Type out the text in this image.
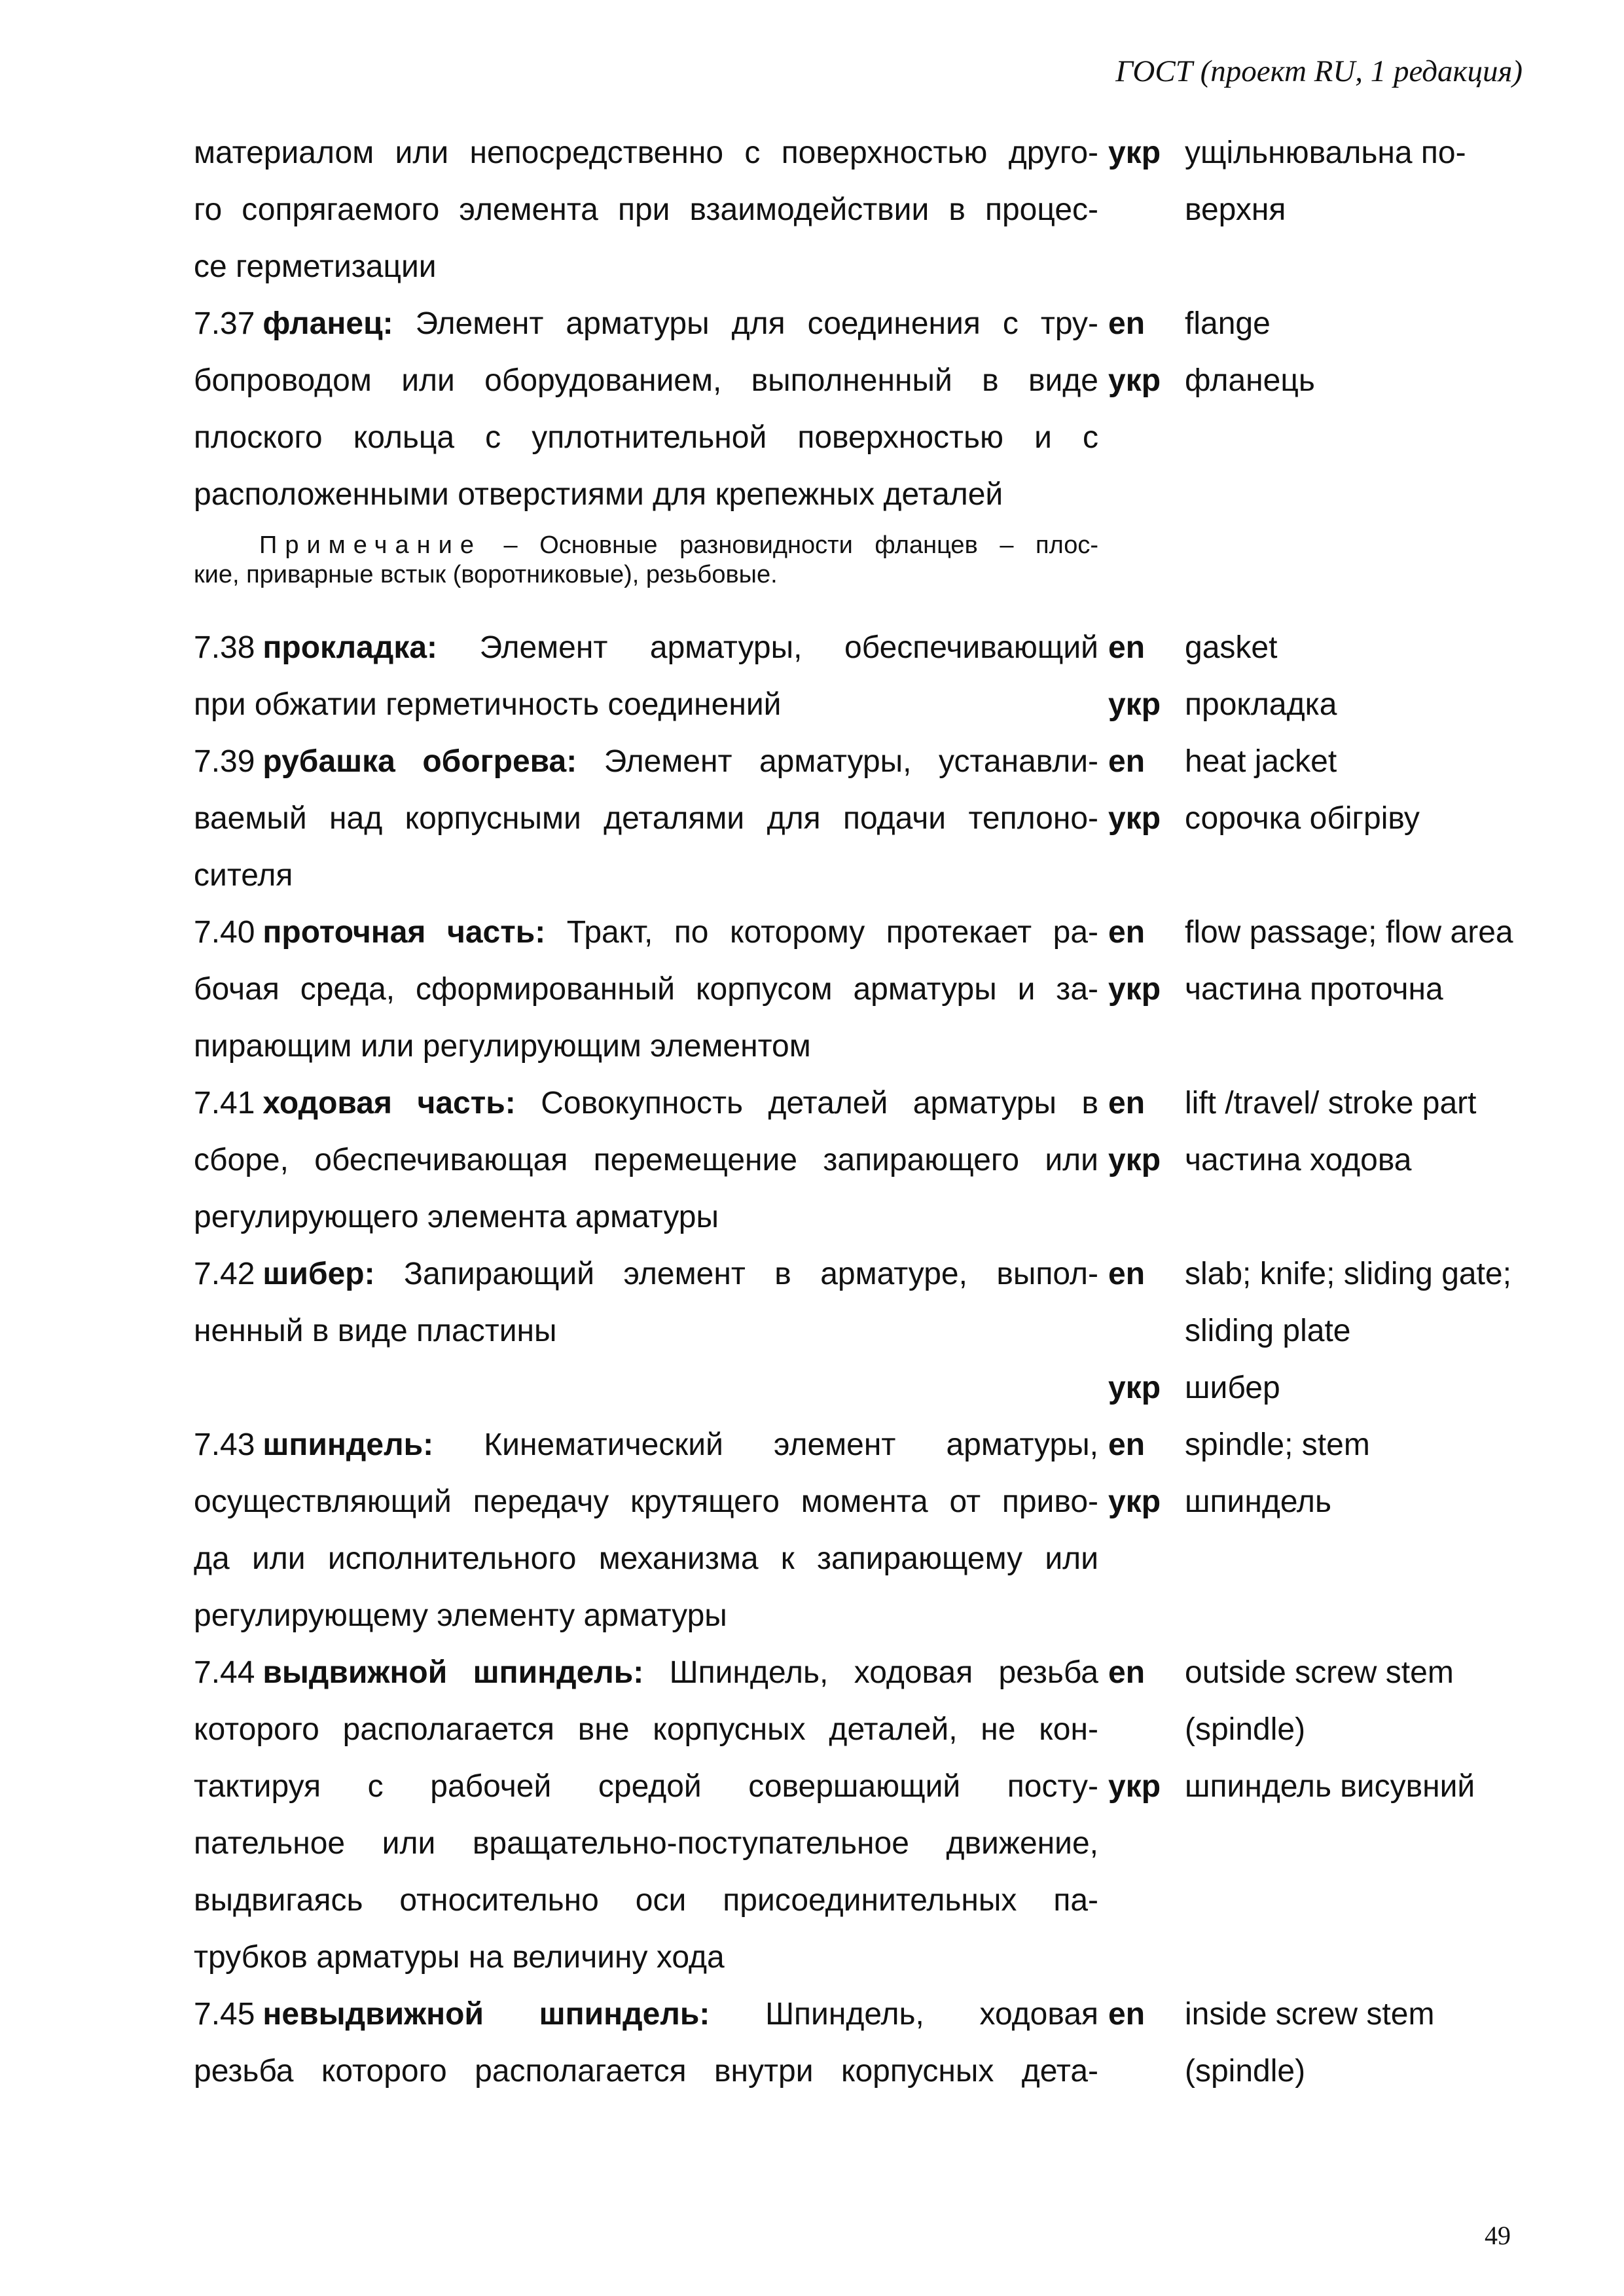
ГОСТ (проект RU, 1 редакция)
материалом или непосредственно с поверхностью друго- укр ущільнювальна по-
го сопрягаемого элемента при взаимодействии в процес-	верхня
се герметизации
7.37 фланец: Элемент арматуры для соединения с тру- en	flange
бопроводом или оборудованием, выполненный в виде укр фланець
плоского кольца с уплотнительной поверхностью и с
расположенными отверстиями для крепежных деталей
Примечание – Основные разновидности фланцев – плос-
кие, приварные встык (воротниковые), резьбовые.
7.38 прокладка: Элемент арматуры, обеспечивающий en	gasket
при обжатии герметичность соединений	укр прокладка
7.39 рубашка обогрева: Элемент арматуры, устанавли- en	heat jacket
ваемый над корпусными деталями для подачи теплоно- укр сорочка обігріву
сителя
7.40 проточная часть: Тракт, по которому протекает ра- en	flow passage; flow area
бочая среда, сформированный корпусом арматуры и за- укр частина проточна
пирающим или регулирующим элементом
7.41 ходовая часть: Совокупность деталей арматуры в en	lift /travel/ stroke part
сборе, обеспечивающая перемещение запирающего или укр частина ходова
регулирующего элемента арматуры
7.42 шибер: Запирающий элемент в арматуре, выпол- en	slab; knife; sliding gate;
ненный в виде пластины	sliding plate
укр шибер
7.43 шпиндель: Кинематический элемент арматуры, en	spindle; stem
осуществляющий передачу крутящего момента от приво- укр шпиндель
да или исполнительного механизма к запирающему или
регулирующему элементу арматуры
7.44 выдвижной шпиндель: Шпиндель, ходовая резьба en	outside screw stem
которого располагается вне корпусных деталей, не кон-	(spindle)
тактируя с рабочей средой совершающий посту- укр шпиндель висувний
пательное или вращательно-поступательное движение,
выдвигаясь относительно оси присоединительных па-
трубков арматуры на величину хода
7.45 невыдвижной шпиндель: Шпиндель, ходовая en	inside screw stem
резьба которого располагается внутри корпусных дета-	(spindle)
49
